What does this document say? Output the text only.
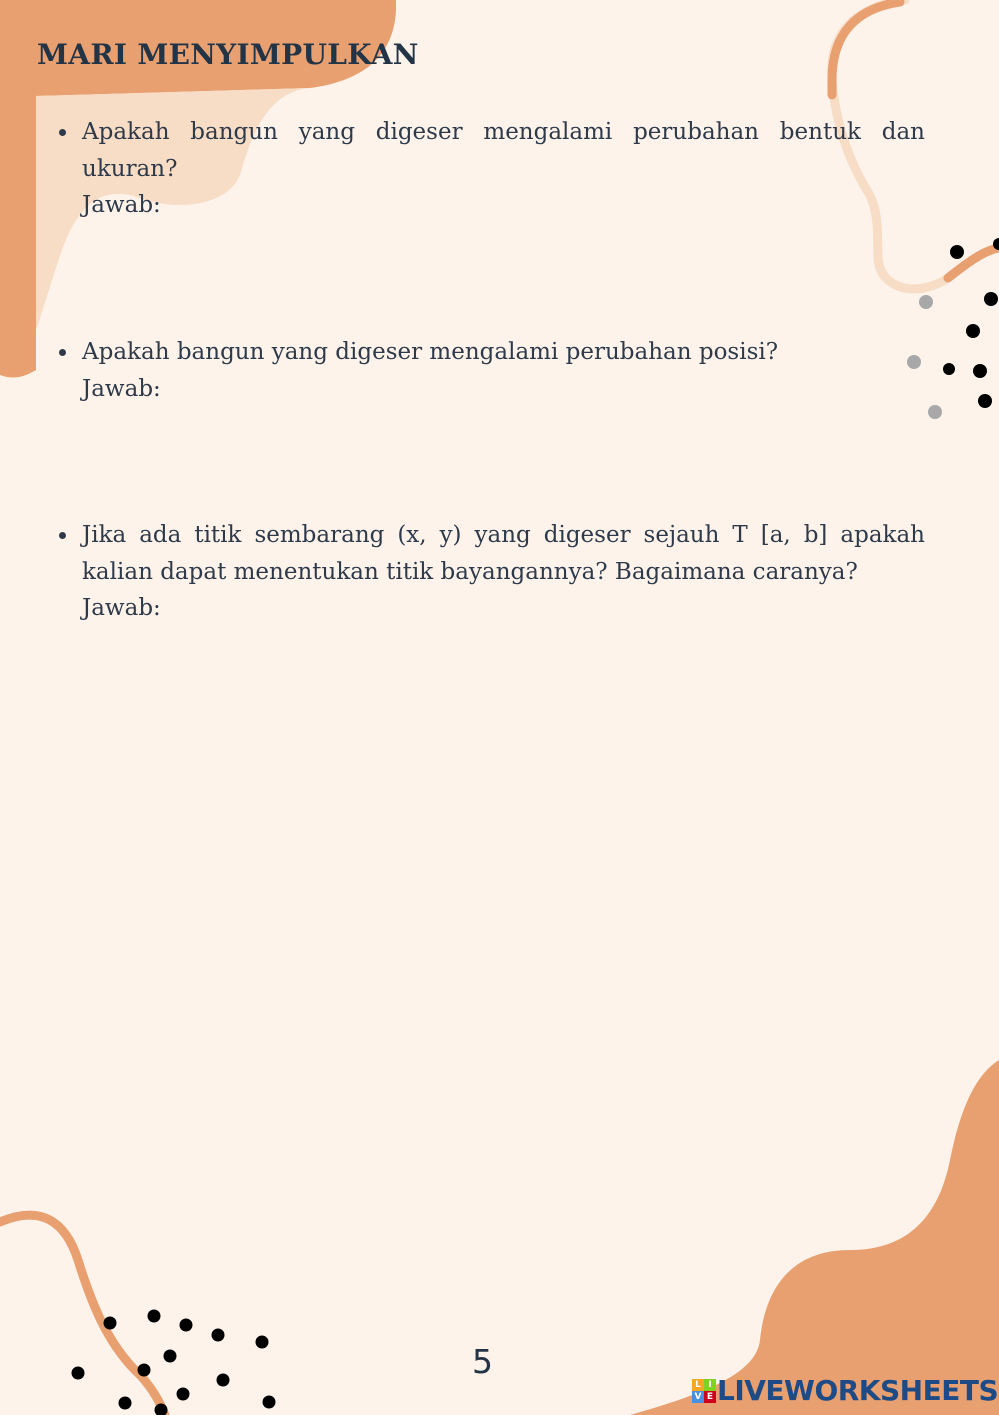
MARI MENYIMPULKAN
Apakah bangun yang digeser mengalami perubahan bentuk dan ukuran?
Jawab:
Apakah bangun yang digeser mengalami perubahan posisi?
Jawab:
Jika ada titik sembarang (x, y) yang digeser sejauh T [a, b] apakah kalian dapat menentukan titik bayangannya? Bagaimana caranya?
Jawab:
5
L I
V E LIVEWORKSHEETS
